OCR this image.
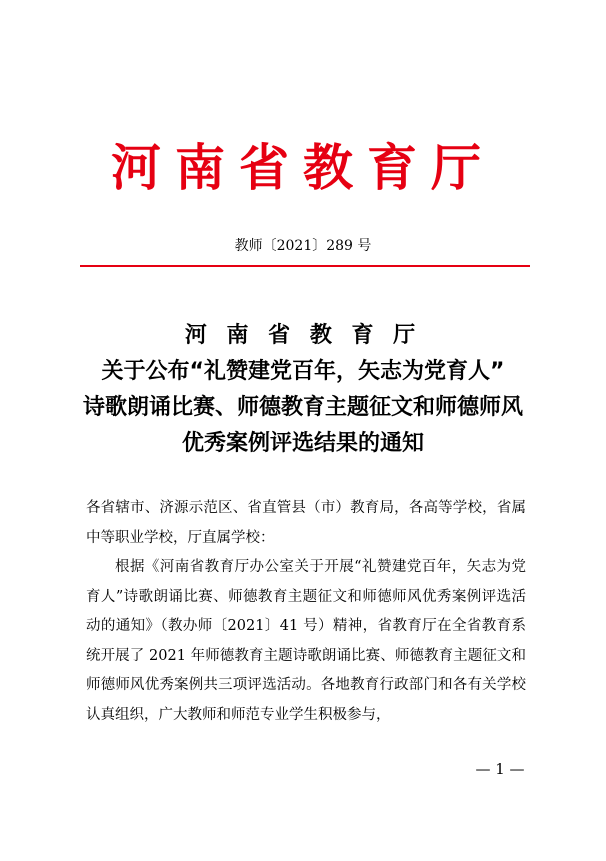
河南省教育厅
教师〔2021〕289 号
河 南 省 教 育 厅
关于公布“礼赞建党百年，矢志为党育人”
诗歌朗诵比赛、师德教育主题征文和师德师风
优秀案例评选结果的通知

各省辖市、济源示范区、省直管县（市）教育局，各高等学校，省属中等职业学校，厅直属学校：

根据《河南省教育厅办公室关于开展“礼赞建党百年，矢志为党育人”诗歌朗诵比赛、师德教育主题征文和师德师风优秀案例评选活动的通知》（教办师〔2021〕41 号）精神，省教育厅在全省教育系统开展了 2021 年师德教育主题诗歌朗诵比赛、师德教育主题征文和师德师风优秀案例共三项评选活动。各地教育行政部门和各有关学校认真组织，广大教师和师范专业学生积极参与，

— 1 —
